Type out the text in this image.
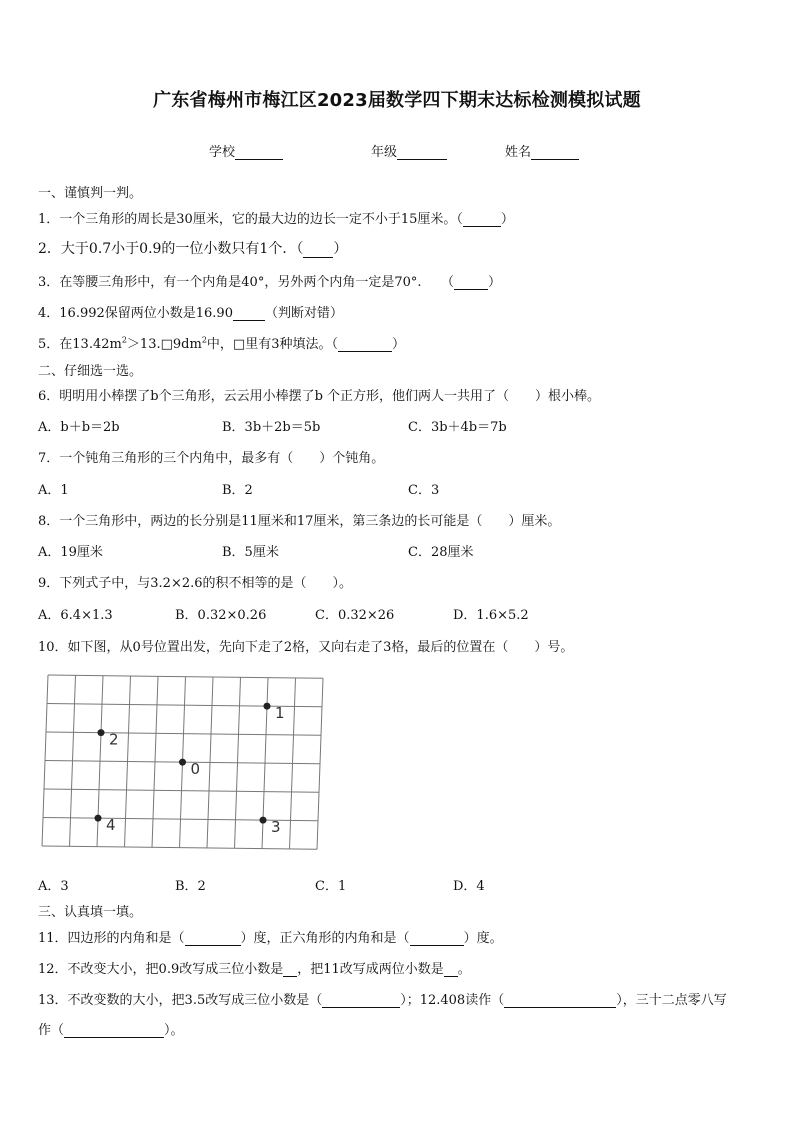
广东省梅州市梅江区2023届数学四下期末达标检测模拟试题
学校	年级	姓名
一、谨慎判一判。
1．一个三角形的周长是30厘米，它的最大边的边长一定不小于15厘米。（	）
2．大于0.7小于0.9的一位小数只有1个．（ ）
3．在等腰三角形中，有一个内角是40°，另外两个内角一定是70°.　　（	）
4．16.992保留两位小数是16.90 （判断对错）
5．在$13.42m^2>13.□9dm^2$中，□里有3种填法。（	）
二、仔细选一选。
6．明明用小棒摆了b个三角形，云云用小棒摆了b 个正方形，他们两人一共用了（　　）根小棒。
A．b＋b＝2b	B．3b＋2b＝5b	C．3b＋4b＝7b
7．一个钝角三角形的三个内角中，最多有（　　）个钝角。
A．1	B．2	C．3
8．一个三角形中，两边的长分别是11厘米和17厘米，第三条边的长可能是（　　）厘米。
A．19厘米	B．5厘米	C．28厘米
9．下列式子中，与3.2×2.6的积不相等的是（　　）。
A．6.4×1.3	B．0.32×0.26	C．0.32×26	D．1.6×5.2
10．如下图，从0号位置出发，先向下走了2格，又向右走了3格，最后的位置在（　　）号。
1
2
0
4	3
A．3	B．2	C．1	D．4
三、认真填一填。
11．四边形的内角和是（	）度，正六角形的内角和是（	）度。
12．不改变大小，把0.9改写成三位小数是 ，把11改写成两位小数是 。
13．不改变数的大小，把3.5改写成三位小数是（	）；12.408读作（	），三十二点零八写
作（	）。
